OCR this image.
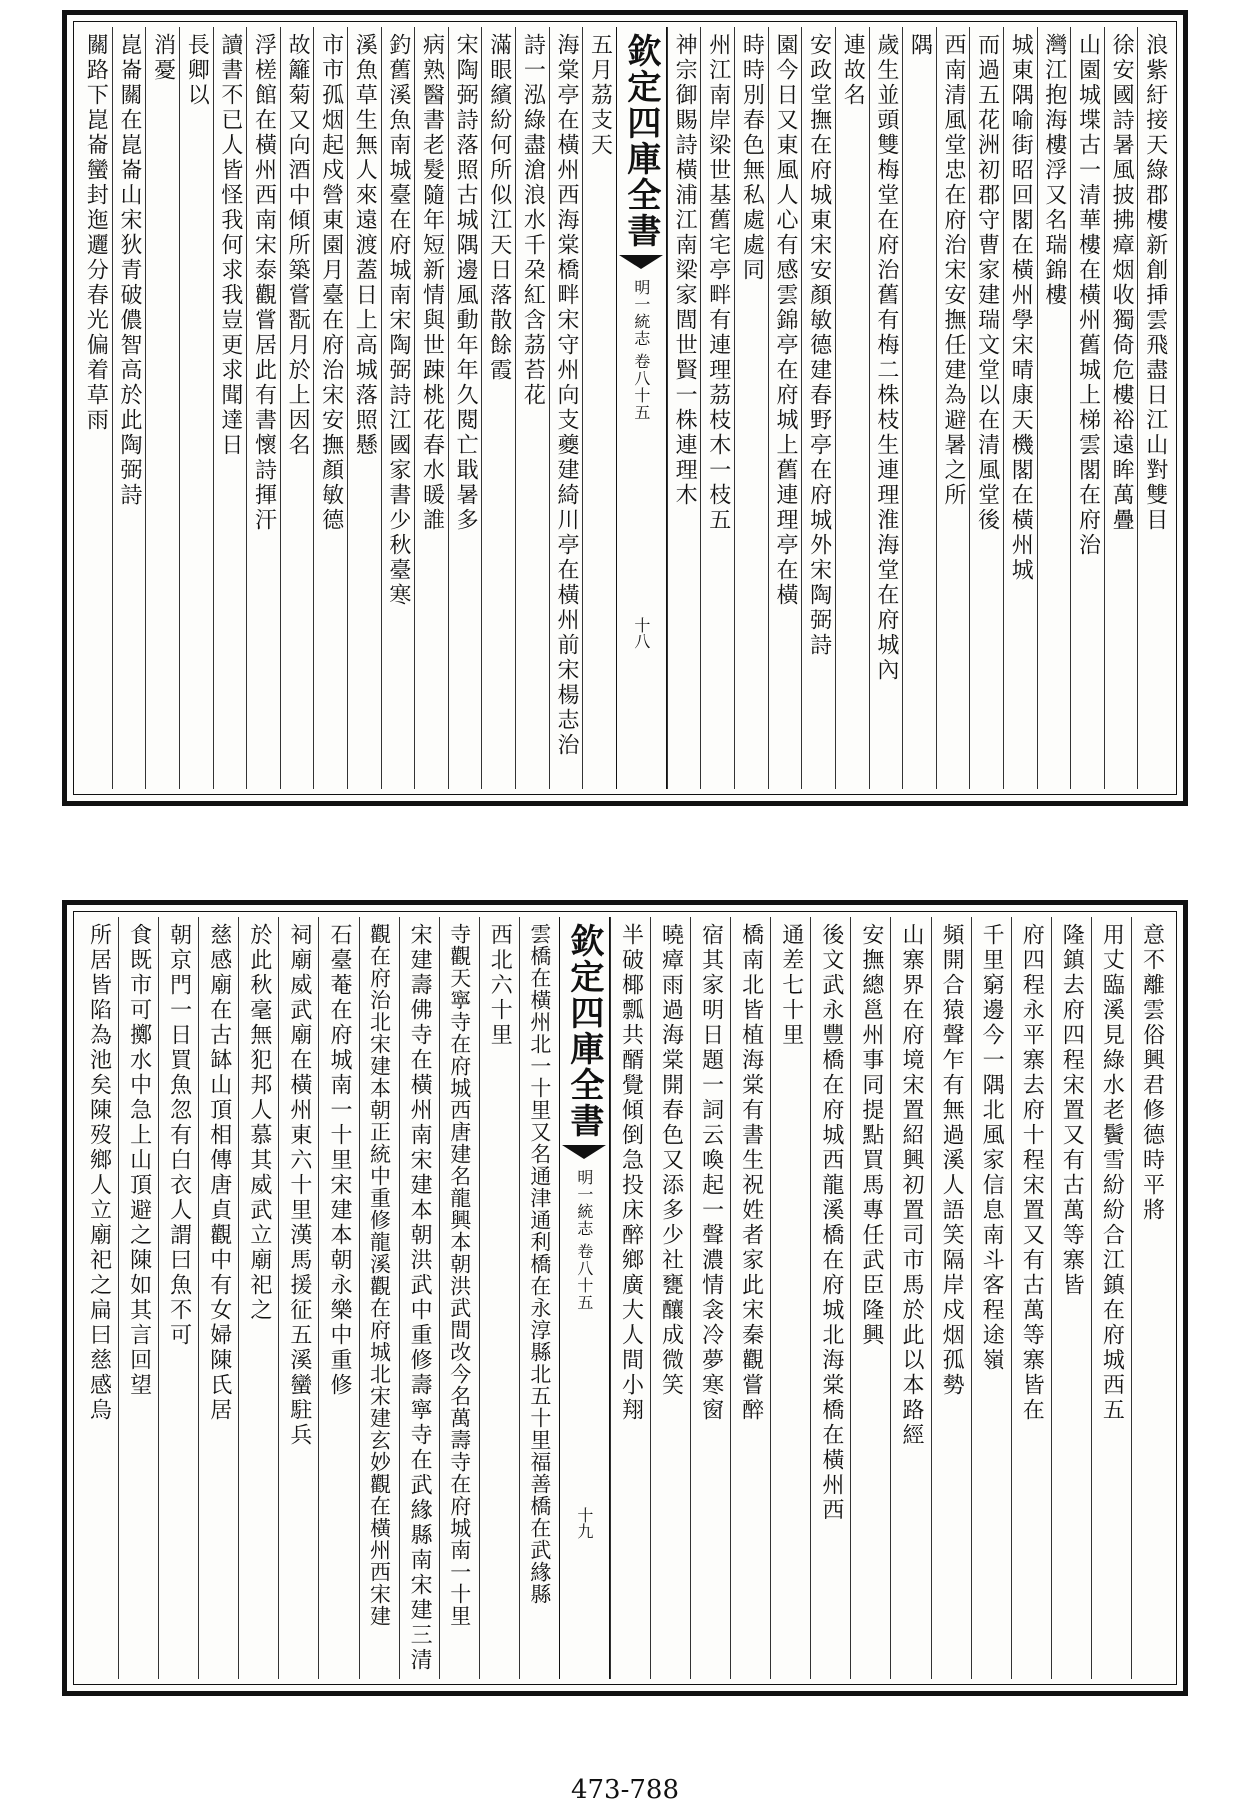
浪紫紆接天綠郡樓新創挿雲飛盡日江山對雙目
徐安國詩暑風披拂瘴烟收獨倚危樓裕遠眸萬疊
山園城堞古一清華樓在橫州舊城上梯雲閣在府治
灣江抱海樓浮又名瑞錦樓
城東隅喻街昭回閣在橫州學宋晴康天機閣在橫州城
而過五花洲初郡守曹家建瑞文堂以在清風堂後
西南清風堂忠在府治宋安撫任建為避暑之所
隅
歲生並頭雙梅堂在府治舊有梅二株枝生連理淮海堂在府城內
連故名
安政堂撫在府城東宋安顏敏德建春野亭在府城外宋陶弼詩
園今日又東風人心有感雲錦亭在府城上舊連理亭在橫
時時別春色無私處處同
州江南岸梁世基舊宅亭畔有連理茘枝木一枝五
神宗御賜詩橫浦江南梁家閭世賢一株連理木
欽定四庫全書
明一統志 卷八十五
十八
五月茘支天
海棠亭在橫州西海棠橋畔宋守州向支夔建綺川亭在橫州前宋楊志治
詩一泓綠盡滄浪水千朶紅含茘苔花
滿眼繽紛何所似江天日落散餘霞
宋陶弼詩落照古城隅邊風動年年久閱亡戢暑多
病熟醫書老髮隨年短新情與世踈桃花春水暖誰
釣舊溪魚南城臺在府城南宋陶弼詩江國家書少秋臺寒
溪魚草生無人來遠渡蓋日上高城落照懸
市市孤烟起戍營東園月臺在府治宋安撫顏敏德
故籬菊又向酒中傾所築嘗翫月於上因名
浮槎館在橫州西南宋泰觀嘗居此有書懷詩揮汗
讀書不已人皆怪我何求我豈更求聞達日
長卿以
消憂
崑崙關在崑崙山宋狄青破儂智高於此陶弼詩
關路下崑崙蠻封迤邐分春光偏着草雨
意不離雲俗興君修德時平將
用丈臨溪見綠水老鬢雪紛紛合江鎮在府城西五
隆鎮去府四程宋置又有古萬等寨皆
府四程永平寨去府十程宋置又有古萬等寨皆在
千里窮邊今一隅北風家信息南斗客程途嶺
頻開合猿聲乍有無過溪人語笑隔岸戍烟孤勢
山寨界在府境宋置紹興初置司市馬於此以本路經
安撫總邕州事同提點買馬專任武臣隆興
後文武永豐橋在府城西龍溪橋在府城北海棠橋在橫州西
通差七十里
橋南北皆植海棠有書生祝姓者家此宋秦觀嘗醉
宿其家明日題一詞云喚起一聲濃情衾冷夢寒窗
曉瘴雨過海棠開春色又添多少社甕釀成微笑
半破椰瓢共醑覺傾倒急投床醉鄉廣大人間小翔
欽定四庫全書
明一統志 卷八十五
十九
雲橋在橫州北一十里又名通津通利橋在永淳縣北五十里福善橋在武緣縣
西北六十里
寺觀天寧寺在府城西唐建名龍興本朝洪武間改今名萬壽寺在府城南一十里
宋建壽佛寺在橫州南宋建本朝洪武中重修壽寧寺在武緣縣南宋建三清
觀在府治北宋建本朝正統中重修龍溪觀在府城北宋建玄妙觀在橫州西宋建
石臺菴在府城南一十里宋建本朝永樂中重修
祠廟威武廟在橫州東六十里漢馬援征五溪蠻駐兵
於此秋毫無犯邦人慕其威武立廟祀之
慈感廟在古缽山頂相傳唐貞觀中有女婦陳氏居
朝京門一日買魚忽有白衣人謂曰魚不可
食既市可擲水中急上山頂避之陳如其言回望
所居皆陷為池矣陳歿鄉人立廟祀之扁曰慈感烏
473-788
